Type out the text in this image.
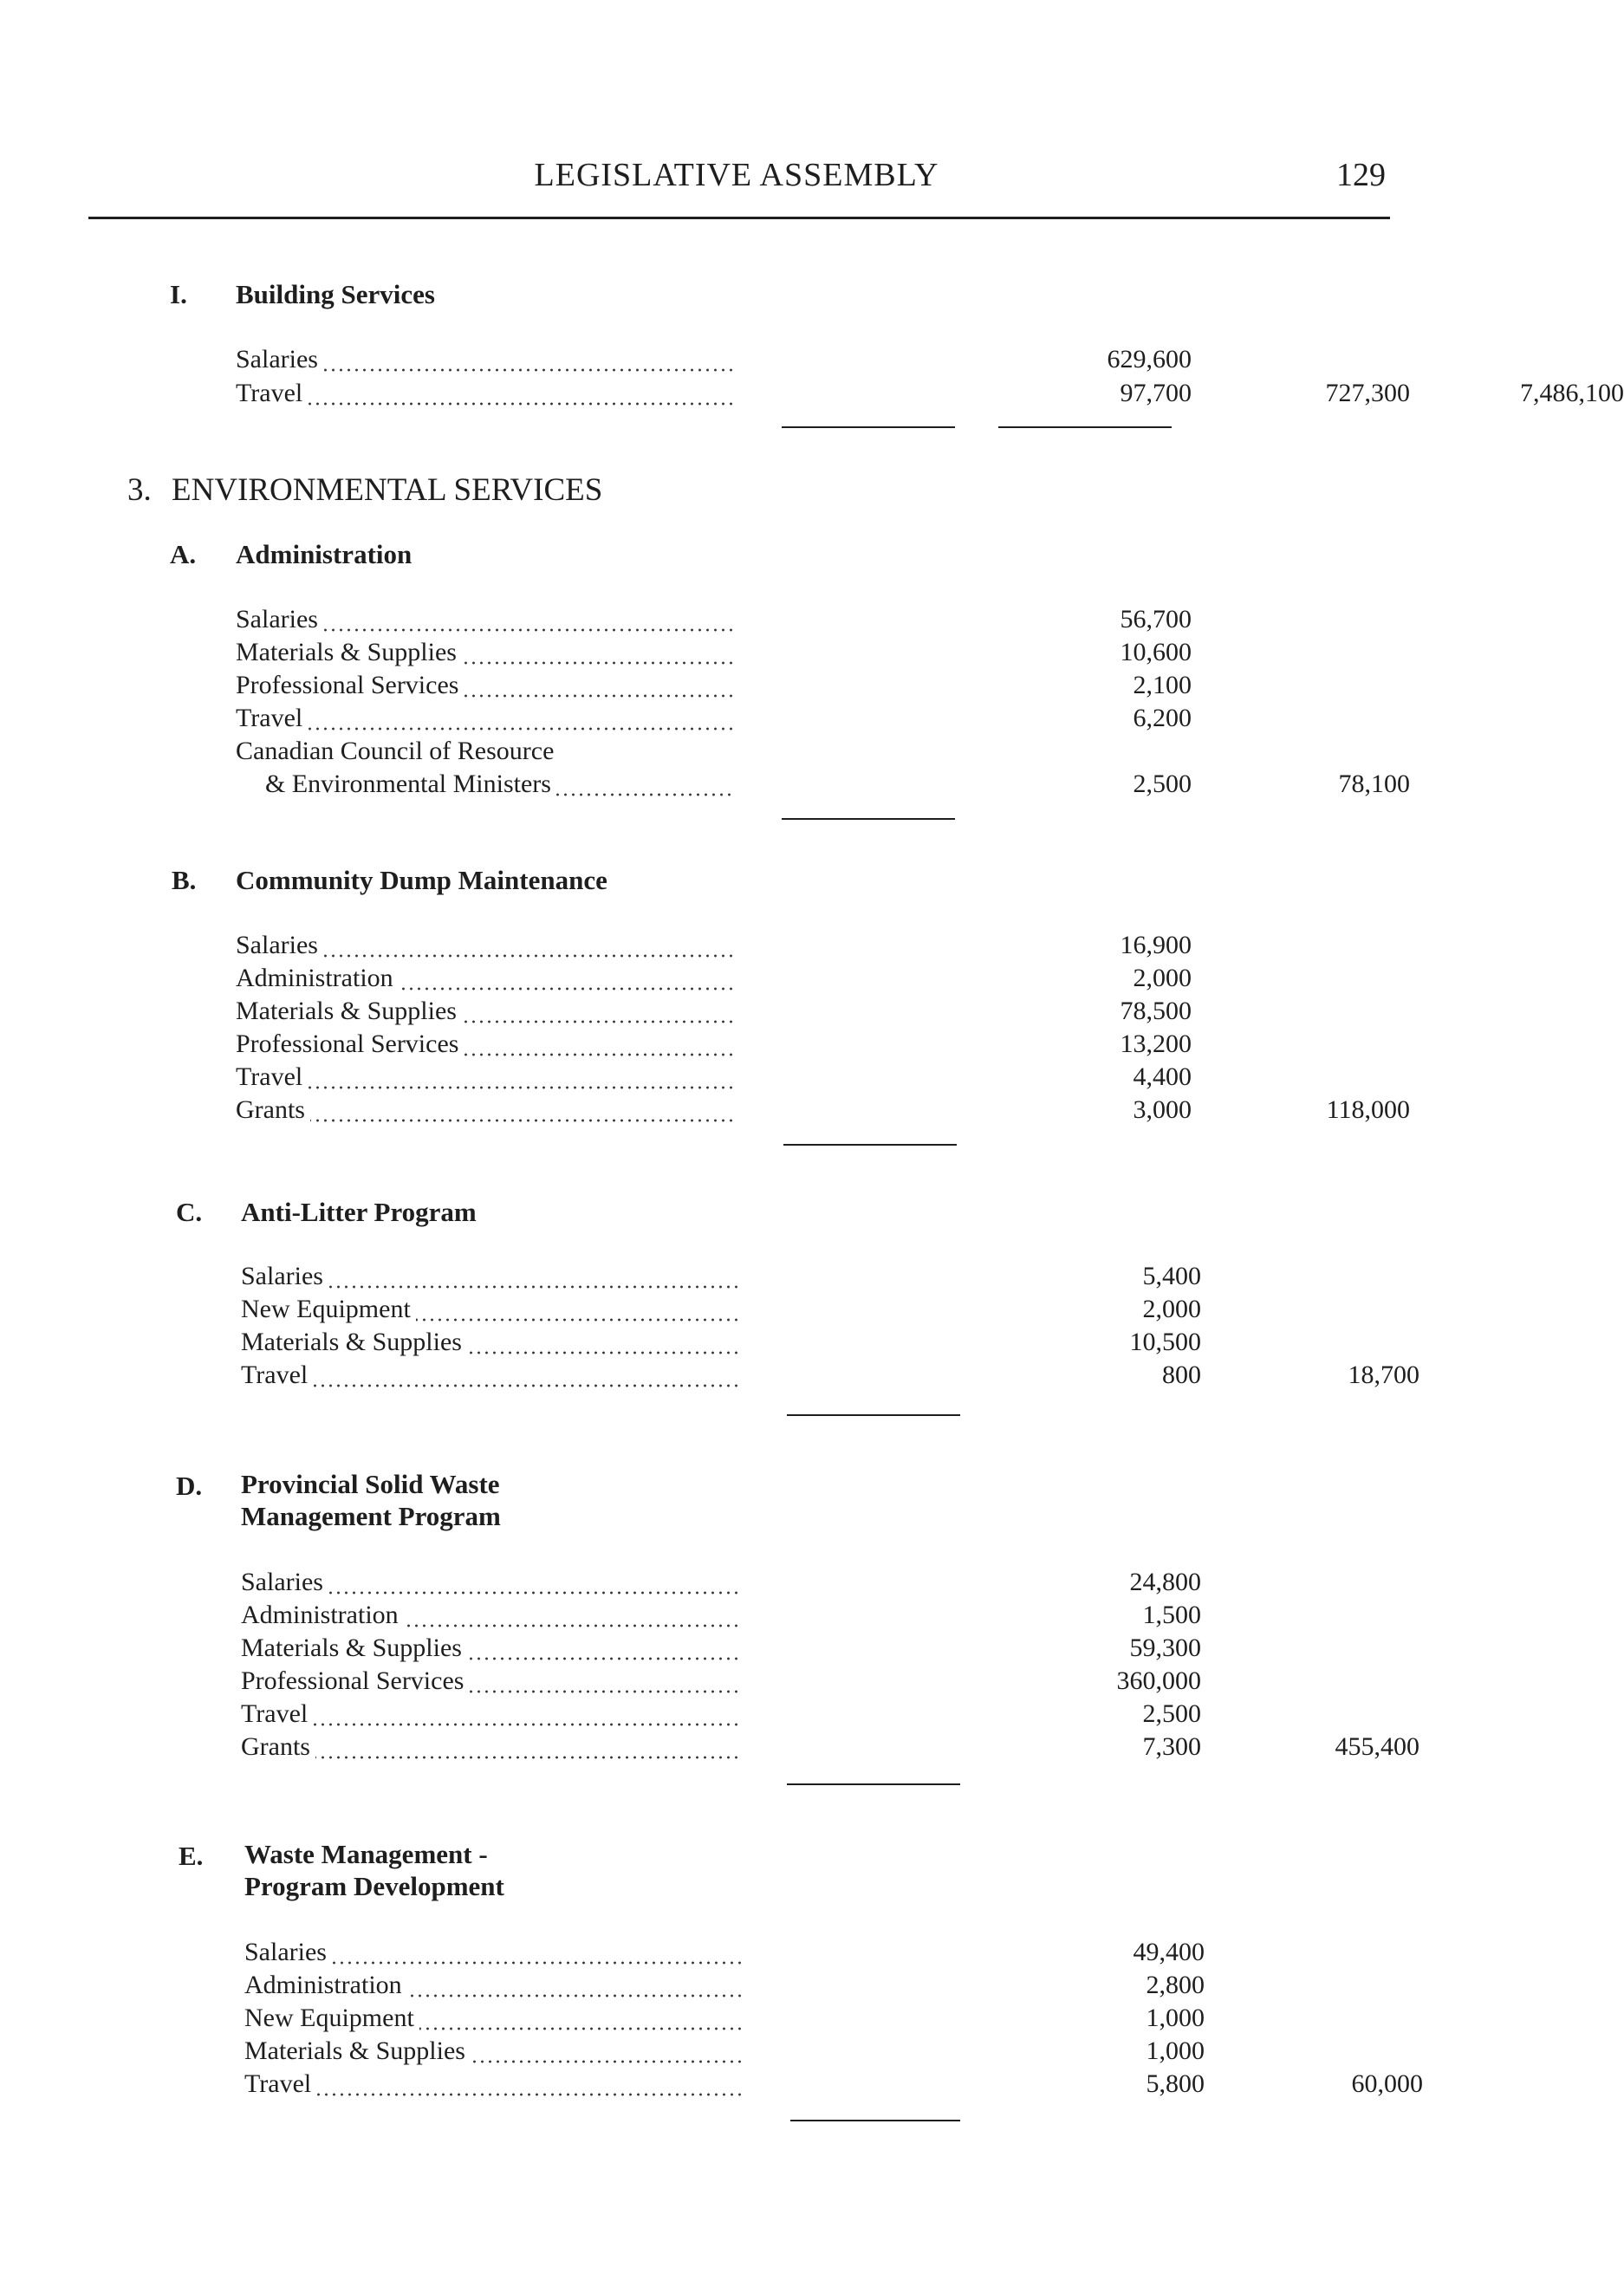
LEGISLATIVE ASSEMBLY	129
I. Building Services
Salaries	629,600
Travel	97,700	727,300	7,486,100
3. ENVIRONMENTAL SERVICES
A. Administration
Salaries	56,700
Materials & Supplies	10,600
Professional Services	2,100
Travel	6,200
Canadian Council of Resource
& Environmental Ministers	2,500	78,100
B. Community Dump Maintenance
Salaries	16,900
Administration	2,000
Materials & Supplies	78,500
Professional Services	13,200
Travel	4,400
Grants	3,000	118,000
C. Anti-Litter Program
Salaries	5,400
New Equipment	2,000
Materials & Supplies	10,500
Travel	800	18,700
D. Provincial Solid Waste
Management Program
Salaries	24,800
Administration	1,500
Materials & Supplies	59,300
Professional Services	360,000
Travel	2,500
Grants	7,300	455,400
E. Waste Management -
Program Development
Salaries	49,400
Administration	2,800
New Equipment	1,000
Materials & Supplies	1,000
Travel	5,800	60,000
